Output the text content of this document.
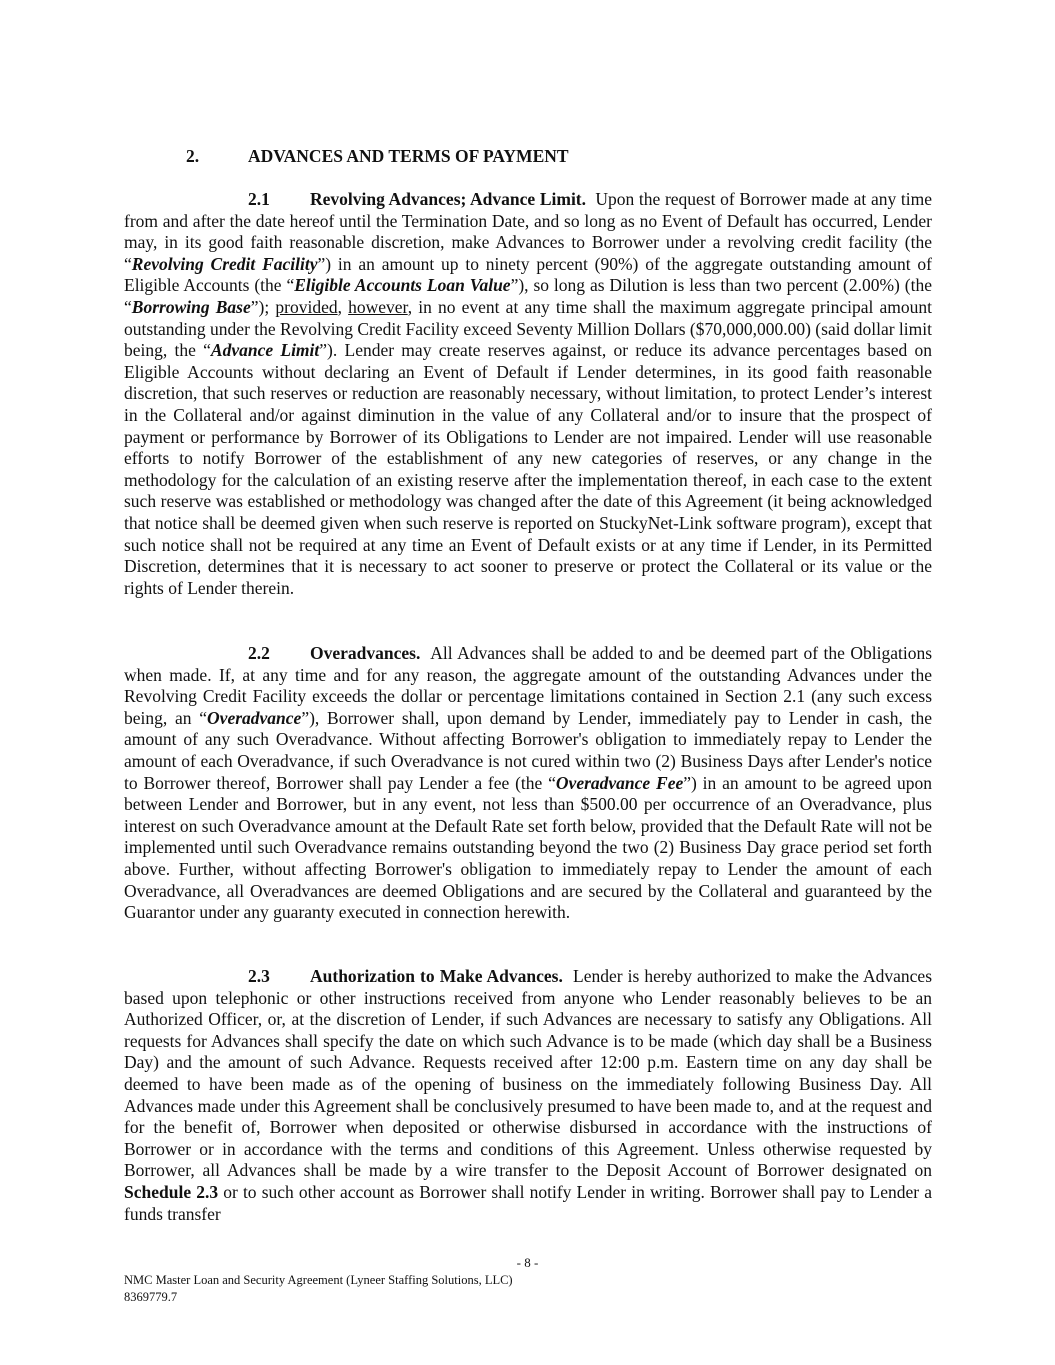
2.	ADVANCES AND TERMS OF PAYMENT
2.1 Revolving Advances; Advance Limit. Upon the request of Borrower made at any time from and after the date hereof until the Termination Date, and so long as no Event of Default has occurred, Lender may, in its good faith reasonable discretion, make Advances to Borrower under a revolving credit facility (the “Revolving Credit Facility”) in an amount up to ninety percent (90%) of the aggregate outstanding amount of Eligible Accounts (the “Eligible Accounts Loan Value”), so long as Dilution is less than two percent (2.00%) (the “Borrowing Base”); provided, however, in no event at any time shall the maximum aggregate principal amount outstanding under the Revolving Credit Facility exceed Seventy Million Dollars ($70,000,000.00) (said dollar limit being, the “Advance Limit”). Lender may create reserves against, or reduce its advance percentages based on Eligible Accounts without declaring an Event of Default if Lender determines, in its good faith reasonable discretion, that such reserves or reduction are reasonably necessary, without limitation, to protect Lender’s interest in the Collateral and/or against diminution in the value of any Collateral and/or to insure that the prospect of payment or performance by Borrower of its Obligations to Lender are not impaired. Lender will use reasonable efforts to notify Borrower of the establishment of any new categories of reserves, or any change in the methodology for the calculation of an existing reserve after the implementation thereof, in each case to the extent such reserve was established or methodology was changed after the date of this Agreement (it being acknowledged that notice shall be deemed given when such reserve is reported on StuckyNet-Link software program), except that such notice shall not be required at any time an Event of Default exists or at any time if Lender, in its Permitted Discretion, determines that it is necessary to act sooner to preserve or protect the Collateral or its value or the rights of Lender therein.
2.2 Overadvances. All Advances shall be added to and be deemed part of the Obligations when made. If, at any time and for any reason, the aggregate amount of the outstanding Advances under the Revolving Credit Facility exceeds the dollar or percentage limitations contained in Section 2.1 (any such excess being, an “Overadvance”), Borrower shall, upon demand by Lender, immediately pay to Lender in cash, the amount of any such Overadvance. Without affecting Borrower's obligation to immediately repay to Lender the amount of each Overadvance, if such Overadvance is not cured within two (2) Business Days after Lender's notice to Borrower thereof, Borrower shall pay Lender a fee (the “Overadvance Fee”) in an amount to be agreed upon between Lender and Borrower, but in any event, not less than $500.00 per occurrence of an Overadvance, plus interest on such Overadvance amount at the Default Rate set forth below, provided that the Default Rate will not be implemented until such Overadvance remains outstanding beyond the two (2) Business Day grace period set forth above. Further, without affecting Borrower's obligation to immediately repay to Lender the amount of each Overadvance, all Overadvances are deemed Obligations and are secured by the Collateral and guaranteed by the Guarantor under any guaranty executed in connection herewith.
2.3 Authorization to Make Advances. Lender is hereby authorized to make the Advances based upon telephonic or other instructions received from anyone who Lender reasonably believes to be an Authorized Officer, or, at the discretion of Lender, if such Advances are necessary to satisfy any Obligations. All requests for Advances shall specify the date on which such Advance is to be made (which day shall be a Business Day) and the amount of such Advance. Requests received after 12:00 p.m. Eastern time on any day shall be deemed to have been made as of the opening of business on the immediately following Business Day. All Advances made under this Agreement shall be conclusively presumed to have been made to, and at the request and for the benefit of, Borrower when deposited or otherwise disbursed in accordance with the instructions of Borrower or in accordance with the terms and conditions of this Agreement. Unless otherwise requested by Borrower, all Advances shall be made by a wire transfer to the Deposit Account of Borrower designated on Schedule 2.3 or to such other account as Borrower shall notify Lender in writing. Borrower shall pay to Lender a funds transfer
- 8 -
NMC Master Loan and Security Agreement (Lyneer Staffing Solutions, LLC)
8369779.7
